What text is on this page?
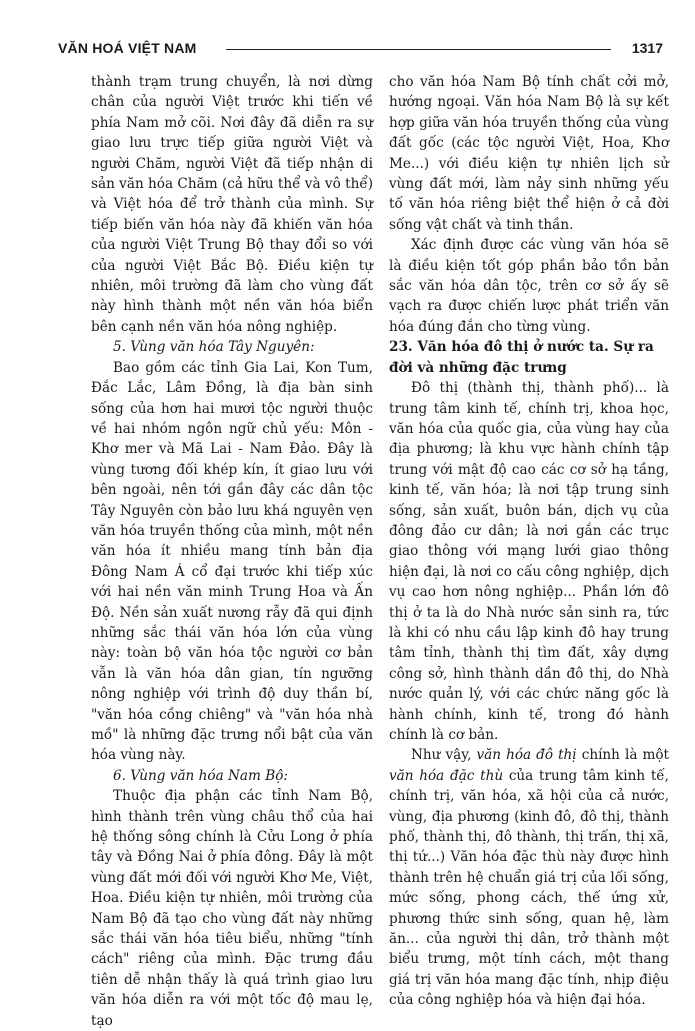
VĂN HOÁ VIỆT NAM	1317

thành trạm trung chuyển, là nơi dừng chân của người Việt trước khi tiến về phía Nam mở cõi. Nơi đây đã diễn ra sự giao lưu trực tiếp giữa người Việt và người Chăm, người Việt đã tiếp nhận di sản văn hóa Chăm (cả hữu thể và vô thể) và Việt hóa để trở thành của mình. Sự tiếp biến văn hóa này đã khiến văn hóa của người Việt Trung Bộ thay đổi so với của người Việt Bắc Bộ. Điều kiện tự nhiên, môi trường đã làm cho vùng đất này hình thành một nền văn hóa biển bên cạnh nền văn hóa nông nghiệp.

5. Vùng văn hóa Tây Nguyên:

Bao gồm các tỉnh Gia Lai, Kon Tum, Đắc Lắc, Lâm Đồng, là địa bàn sinh sống của hơn hai mươi tộc người thuộc về hai nhóm ngôn ngữ chủ yếu: Môn - Khơ mer và Mã Lai - Nam Đảo. Đây là vùng tương đối khép kín, ít giao lưu với bên ngoài, nên tới gần đây các dân tộc Tây Nguyên còn bảo lưu khá nguyên vẹn văn hóa truyền thống của mình, một nền văn hóa ít nhiều mang tính bản địa Đông Nam Á cổ đại trước khi tiếp xúc với hai nền văn minh Trung Hoa và Ấn Độ. Nền sản xuất nương rẫy đã qui định những sắc thái văn hóa lớn của vùng này: toàn bộ văn hóa tộc người cơ bản vẫn là văn hóa dân gian, tín ngưỡng nông nghiệp với trình độ duy thần bí, "văn hóa cồng chiêng" và "văn hóa nhà mồ" là những đặc trưng nổi bật của văn hóa vùng này.

6. Vùng văn hóa Nam Bộ:

Thuộc địa phận các tỉnh Nam Bộ, hình thành trên vùng châu thổ của hai hệ thống sông chính là Cửu Long ở phía tây và Đồng Nai ở phía đông. Đây là một vùng đất mới đối với người Khơ Me, Việt, Hoa. Điều kiện tự nhiên, môi trường của Nam Bộ đã tạo cho vùng đất này những sắc thái văn hóa tiêu biểu, những "tính cách" riêng của mình. Đặc trưng đầu tiên dễ nhận thấy là quá trình giao lưu văn hóa diễn ra với một tốc độ mau lẹ, tạo

cho văn hóa Nam Bộ tính chất cởi mở, hướng ngoại. Văn hóa Nam Bộ là sự kết hợp giữa văn hóa truyền thống của vùng đất gốc (các tộc người Việt, Hoa, Khơ Me...) với điều kiện tự nhiên lịch sử vùng đất mới, làm nảy sinh những yếu tố văn hóa riêng biệt thể hiện ở cả đời sống vật chất và tinh thần.

Xác định được các vùng văn hóa sẽ là điều kiện tốt góp phần bảo tồn bản sắc văn hóa dân tộc, trên cơ sở ấy sẽ vạch ra được chiến lược phát triển văn hóa đúng đắn cho từng vùng.

23. Văn hóa đô thị ở nước ta. Sự ra đời và những đặc trưng

Đô thị (thành thị, thành phố)... là trung tâm kinh tế, chính trị, khoa học, văn hóa của quốc gia, của vùng hay của địa phương; là khu vực hành chính tập trung với mật độ cao các cơ sở hạ tầng, kinh tế, văn hóa; là nơi tập trung sinh sống, sản xuất, buôn bán, dịch vụ của đông đảo cư dân; là nơi gắn các trục giao thông với mạng lưới giao thông hiện đại, là nơi co cấu công nghiệp, dịch vụ cao hơn nông nghiệp... Phần lớn đô thị ở ta là do Nhà nước sản sinh ra, tức là khi có nhu cầu lập kinh đô hay trung tâm tỉnh, thành thị tìm đất, xây dựng công sở, hình thành dần đô thị, do Nhà nước quản lý, với các chức năng gốc là hành chính, kinh tế, trong đó hành chính là cơ bản.

Như vậy, văn hóa đô thị chính là một văn hóa đặc thù của trung tâm kinh tế, chính trị, văn hóa, xã hội của cả nước, vùng, địa phương (kinh đô, đô thị, thành phố, thành thị, đô thành, thị trấn, thị xã, thị tứ...) Văn hóa đặc thù này được hình thành trên hệ chuẩn giá trị của lối sống, mức sống, phong cách, thế ứng xử, phương thức sinh sống, quan hệ, làm ăn... của người thị dân, trở thành một biểu trưng, một tính cách, một thang giá trị văn hóa mang đặc tính, nhịp điệu của công nghiệp hóa và hiện đại hóa.
